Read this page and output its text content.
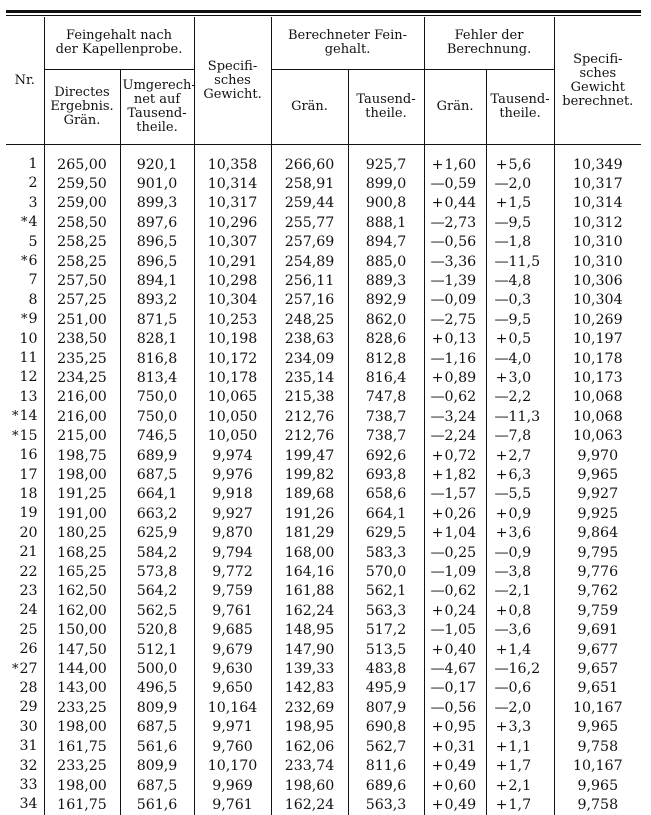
Nr.	Feingehalt nach
der Kapellenprobe.		Specifi-
sches
Gewicht.	Berechneter Fein-
gehalt.		Fehler der
Berechnung.		Specifi-
sches
Gewicht
berechnet.

	Directes
Ergebnis.
Grän.	Umgerech-
net auf
Tausend-
theile.		Grän.	Tausend-
theile.	Grän.	Tausend-
theile.	

1	265,00	920,1	10,358	266,60	925,7	+1,60	+5,6	10,349
2	259,50	901,0	10,314	258,91	899,0	—0,59	—2,0	10,317
3	259,00	899,3	10,317	259,44	900,8	+0,44	+1,5	10,314
*4	258,50	897,6	10,296	255,77	888,1	—2,73	—9,5	10,312
5	258,25	896,5	10,307	257,69	894,7	—0,56	—1,8	10,310
*6	258,25	896,5	10,291	254,89	885,0	—3,36	—11,5	10,310
7	257,50	894,1	10,298	256,11	889,3	—1,39	—4,8	10,306
8	257,25	893,2	10,304	257,16	892,9	—0,09	—0,3	10,304
*9	251,00	871,5	10,253	248,25	862,0	—2,75	—9,5	10,269
10	238,50	828,1	10,198	238,63	828,6	+0,13	+0,5	10,197
11	235,25	816,8	10,172	234,09	812,8	—1,16	—4,0	10,178
12	234,25	813,4	10,178	235,14	816,4	+0,89	+3,0	10,173
13	216,00	750,0	10,065	215,38	747,8	—0,62	—2,2	10,068
*14	216,00	750,0	10,050	212,76	738,7	—3,24	—11,3	10,068
*15	215,00	746,5	10,050	212,76	738,7	—2,24	—7,8	10,063
16	198,75	689,9	9,974	199,47	692,6	+0,72	+2,7	9,970
17	198,00	687,5	9,976	199,82	693,8	+1,82	+6,3	9,965
18	191,25	664,1	9,918	189,68	658,6	—1,57	—5,5	9,927
19	191,00	663,2	9,927	191,26	664,1	+0,26	+0,9	9,925
20	180,25	625,9	9,870	181,29	629,5	+1,04	+3,6	9,864
21	168,25	584,2	9,794	168,00	583,3	—0,25	—0,9	9,795
22	165,25	573,8	9,772	164,16	570,0	—1,09	—3,8	9,776
23	162,50	564,2	9,759	161,88	562,1	—0,62	—2,1	9,762
24	162,00	562,5	9,761	162,24	563,3	+0,24	+0,8	9,759
25	150,00	520,8	9,685	148,95	517,2	—1,05	—3,6	9,691
26	147,50	512,1	9,679	147,90	513,5	+0,40	+1,4	9,677
*27	144,00	500,0	9,630	139,33	483,8	—4,67	—16,2	9,657
28	143,00	496,5	9,650	142,83	495,9	—0,17	—0,6	9,651
29	233,25	809,9	10,164	232,69	807,9	—0,56	—2,0	10,167
30	198,00	687,5	9,971	198,95	690,8	+0,95	+3,3	9,965
31	161,75	561,6	9,760	162,06	562,7	+0,31	+1,1	9,758
32	233,25	809,9	10,170	233,74	811,6	+0,49	+1,7	10,167
33	198,00	687,5	9,969	198,60	689,6	+0,60	+2,1	9,965
34	161,75	561,6	9,761	162,24	563,3	+0,49	+1,7	9,758
